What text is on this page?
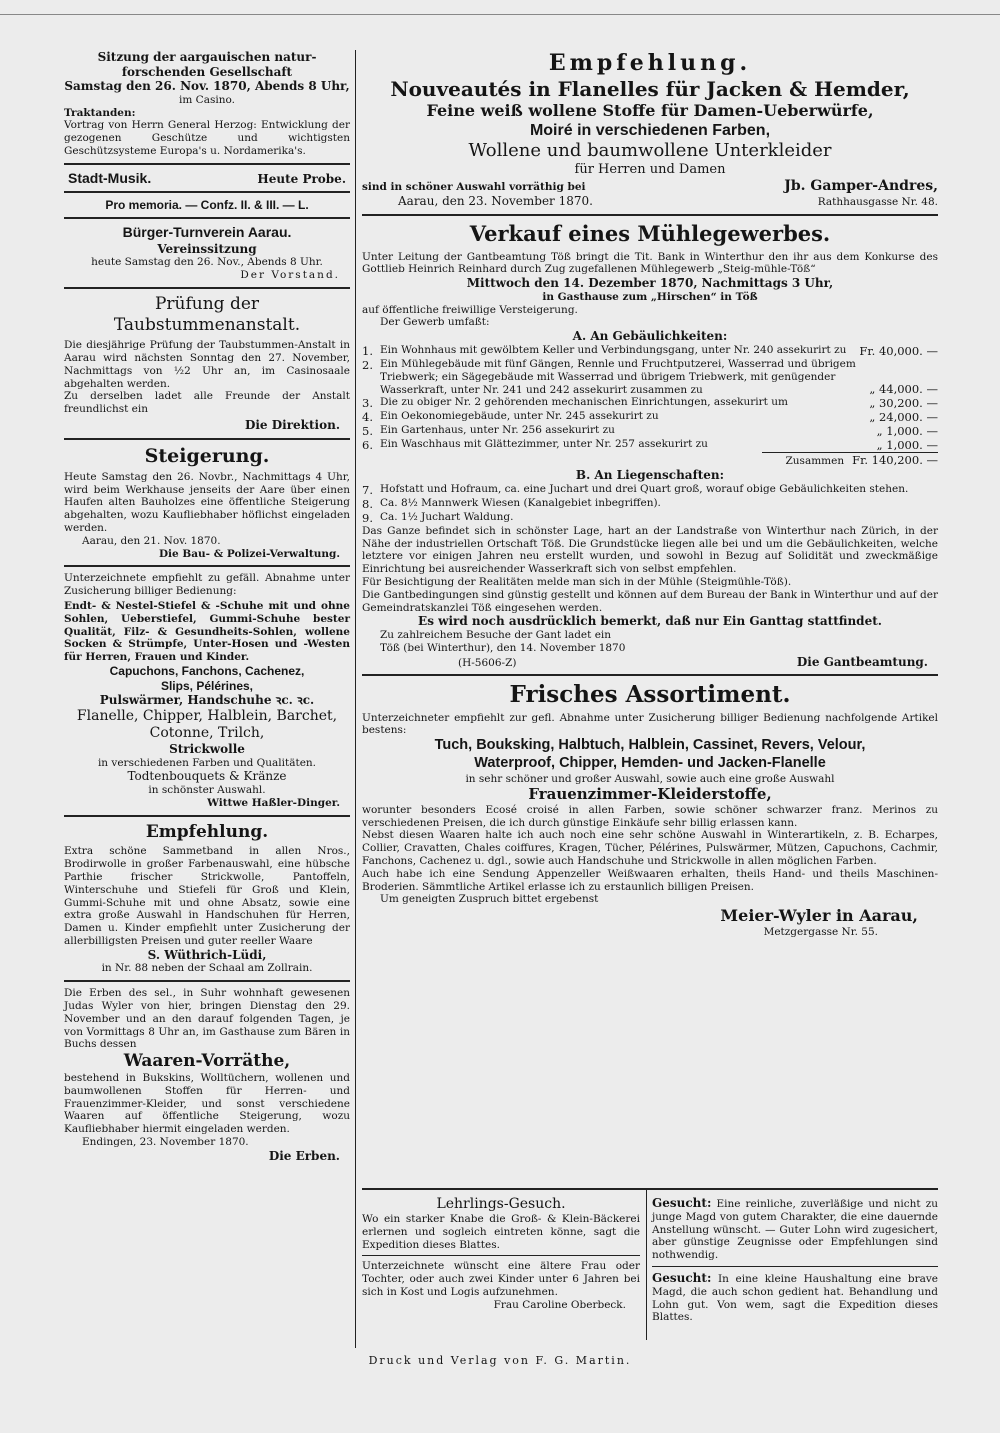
Sitzung der aargauischen natur-

forschenden Gesellschaft

Samstag den 26. Nov. 1870, Abends 8 Uhr,

im Casino.

Traktanden:

Vortrag von Herrn General Herzog: Entwicklung der gezogenen Geschütze und wichtigsten Geschützsysteme Europa's u. Nordamerika's.

Stadt-Musik.	Heute Probe.

Pro memoria. — Confz. II. & III. — L.

Bürger-Turnverein Aarau.

Vereinssitzung

heute Samstag den 26. Nov., Abends 8 Uhr.

Der Vorstand.

Prüfung der Taubstummenanstalt.

Die diesjährige Prüfung der Taubstummen-Anstalt in Aarau wird nächsten Sonntag den 27. November, Nachmittags von ½2 Uhr an, im Casinosaale abgehalten werden.

Zu derselben ladet alle Freunde der Anstalt freundlichst ein

Die Direktion.

Steigerung.

Heute Samstag den 26. Novbr., Nachmittags 4 Uhr, wird beim Werkhause jenseits der Aare über einen Haufen alten Bauholzes eine öffentliche Steigerung abgehalten, wozu Kaufliebhaber höflichst eingeladen werden.

Aarau, den 21. Nov. 1870.

Die Bau- & Polizei-Verwaltung.

Unterzeichnete empfiehlt zu gefäll. Abnahme unter Zusicherung billiger Bedienung:

Endt- & Nestel-Stiefel & -Schuhe mit und ohne Sohlen, Ueberstiefel, Gummi-Schuhe bester Qualität, Filz- & Gesundheits-Sohlen, wollene Socken & Strümpfe, Unter-Hosen und -Westen für Herren, Frauen und Kinder.

Capuchons, Fanchons, Cachenez,

Slips, Pélérines,

Pulswärmer, Handschuhe ꝛc. ꝛc.

Flanelle, Chipper, Halblein, Barchet,

Cotonne, Trilch,

Strickwolle

in verschiedenen Farben und Qualitäten.

Todtenbouquets & Kränze

in schönster Auswahl.

Wittwe Haßler-Dinger.

Empfehlung.

Extra schöne Sammetband in allen Nros., Brodirwolle in großer Farbenauswahl, eine hübsche Parthie frischer Strickwolle, Pantoffeln, Winterschuhe und Stiefeli für Groß und Klein, Gummi-Schuhe mit und ohne Absatz, sowie eine extra große Auswahl in Handschuhen für Herren, Damen u. Kinder empfiehlt unter Zusicherung der allerbilligsten Preisen und guter reeller Waare

S. Wüthrich-Lüdi,

in Nr. 88 neben der Schaal am Zollrain.

Die Erben des sel., in Suhr wohnhaft gewesenen Judas Wyler von hier, bringen Dienstag den 29. November und an den darauf folgenden Tagen, je von Vormittags 8 Uhr an, im Gasthause zum Bären in Buchs dessen

Waaren-Vorräthe,

bestehend in Bukskins, Wolltüchern, wollenen und baumwollenen Stoffen für Herren- und Frauenzimmer-Kleider, und sonst verschiedene Waaren auf öffentliche Steigerung, wozu Kaufliebhaber hiermit eingeladen werden.

Endingen, 23. November 1870.

Die Erben.

Empfehlung.

Nouveautés in Flanelles für Jacken & Hemder,

Feine weiß wollene Stoffe für Damen-Ueberwürfe,

Moiré in verschiedenen Farben,

Wollene und baumwollene Unterkleider

für Herren und Damen

sind in schöner Auswahl vorräthig bei	Jb. Gamper-Andres,
Aarau, den 23. November 1870.	Rathhausgasse Nr. 48.

Verkauf eines Mühlegewerbes.

Unter Leitung der Gantbeamtung Töß bringt die Tit. Bank in Winterthur den ihr aus dem Konkurse des Gottlieb Heinrich Reinhard durch Zug zugefallenen Mühlegewerb „Steig-mühle-Töß“

Mittwoch den 14. Dezember 1870, Nachmittags 3 Uhr,

in Gasthause zum „Hirschen“ in Töß

auf öffentliche freiwillige Versteigerung.

Der Gewerb umfaßt:

A. An Gebäulichkeiten:

1. Ein Wohnhaus mit gewölbtem Keller und Verbindungsgang, unter Nr. 240 assekurirt zu	Fr. 40,000. —
2. Ein Mühlegebäude mit fünf Gängen, Rennle und Fruchtputzerei, Wasserrad und übrigem Triebwerk; ein Sägegebäude mit Wasserrad und übrigem Triebwerk, mit genügender Wasserkraft, unter Nr. 241 und 242 assekurirt zusammen zu	„ 44,000. —
3. Die zu obiger Nr. 2 gehörenden mechanischen Einrichtungen, assekurirt um	„ 30,200. —
4. Ein Oekonomiegebäude, unter Nr. 245 assekurirt zu	„ 24,000. —
5. Ein Gartenhaus, unter Nr. 256 assekurirt zu	„ 1,000. —
6. Ein Waschhaus mit Glättezimmer, unter Nr. 257 assekurirt zu	„ 1,000. —
Zusammen Fr. 140,200. —

B. An Liegenschaften:

7. Hofstatt und Hofraum, ca. eine Juchart und drei Quart groß, worauf obige Gebäulichkeiten stehen.
8. Ca. 8½ Mannwerk Wiesen (Kanalgebiet inbegriffen).
9. Ca. 1½ Juchart Waldung.

Das Ganze befindet sich in schönster Lage, hart an der Landstraße von Winterthur nach Zürich, in der Nähe der industriellen Ortschaft Töß. Die Grundstücke liegen alle bei und um die Gebäulichkeiten, welche letztere vor einigen Jahren neu erstellt wurden, und sowohl in Bezug auf Solidität und zweckmäßige Einrichtung bei ausreichender Wasserkraft sich von selbst empfehlen.

Für Besichtigung der Realitäten melde man sich in der Mühle (Steigmühle-Töß).

Die Gantbedingungen sind günstig gestellt und können auf dem Bureau der Bank in Winterthur und auf der Gemeindratskanzlei Töß eingesehen werden.

Es wird noch ausdrücklich bemerkt, daß nur Ein Ganttag stattfindet.

Zu zahlreichem Besuche der Gant ladet ein

Töß (bei Winterthur), den 14. November 1870

(H-5606-Z)	Die Gantbeamtung.

Frisches Assortiment.

Unterzeichneter empfiehlt zur gefl. Abnahme unter Zusicherung billiger Bedienung nachfolgende Artikel bestens:

Tuch, Bouksking, Halbtuch, Halblein, Cassinet, Revers, Velour,

Waterproof, Chipper, Hemden- und Jacken-Flanelle

in sehr schöner und großer Auswahl, sowie auch eine große Auswahl

Frauenzimmer-Kleiderstoffe,

worunter besonders Ecosé croisé in allen Farben, sowie schöner schwarzer franz. Merinos zu verschiedenen Preisen, die ich durch günstige Einkäufe sehr billig erlassen kann.

Nebst diesen Waaren halte ich auch noch eine sehr schöne Auswahl in Winterartikeln, z. B. Echarpes, Collier, Cravatten, Chales coiffures, Kragen, Tücher, Pélérines, Pulswärmer, Mützen, Capuchons, Cachmir, Fanchons, Cachenez u. dgl., sowie auch Handschuhe und Strickwolle in allen möglichen Farben.

Auch habe ich eine Sendung Appenzeller Weißwaaren erhalten, theils Hand- und theils Maschinen-Broderien. Sämmtliche Artikel erlasse ich zu erstaunlich billigen Preisen.

Um geneigten Zuspruch bittet ergebenst

Meier-Wyler in Aarau,

Metzgergasse Nr. 55.

Lehrlings-Gesuch.

Wo ein starker Knabe die Groß- & Klein-Bäckerei erlernen und sogleich eintreten könne, sagt die Expedition dieses Blattes.

Unterzeichnete wünscht eine ältere Frau oder Tochter, oder auch zwei Kinder unter 6 Jahren bei sich in Kost und Logis aufzunehmen.

Frau Caroline Oberbeck.

Gesucht: Eine reinliche, zuverläßige und nicht zu junge Magd von gutem Charakter, die eine dauernde Anstellung wünscht. — Guter Lohn wird zugesichert, aber günstige Zeugnisse oder Empfehlungen sind nothwendig.

Gesucht: In eine kleine Haushaltung eine brave Magd, die auch schon gedient hat. Behandlung und Lohn gut. Von wem, sagt die Expedition dieses Blattes.

Druck und Verlag von F. G. Martin.
